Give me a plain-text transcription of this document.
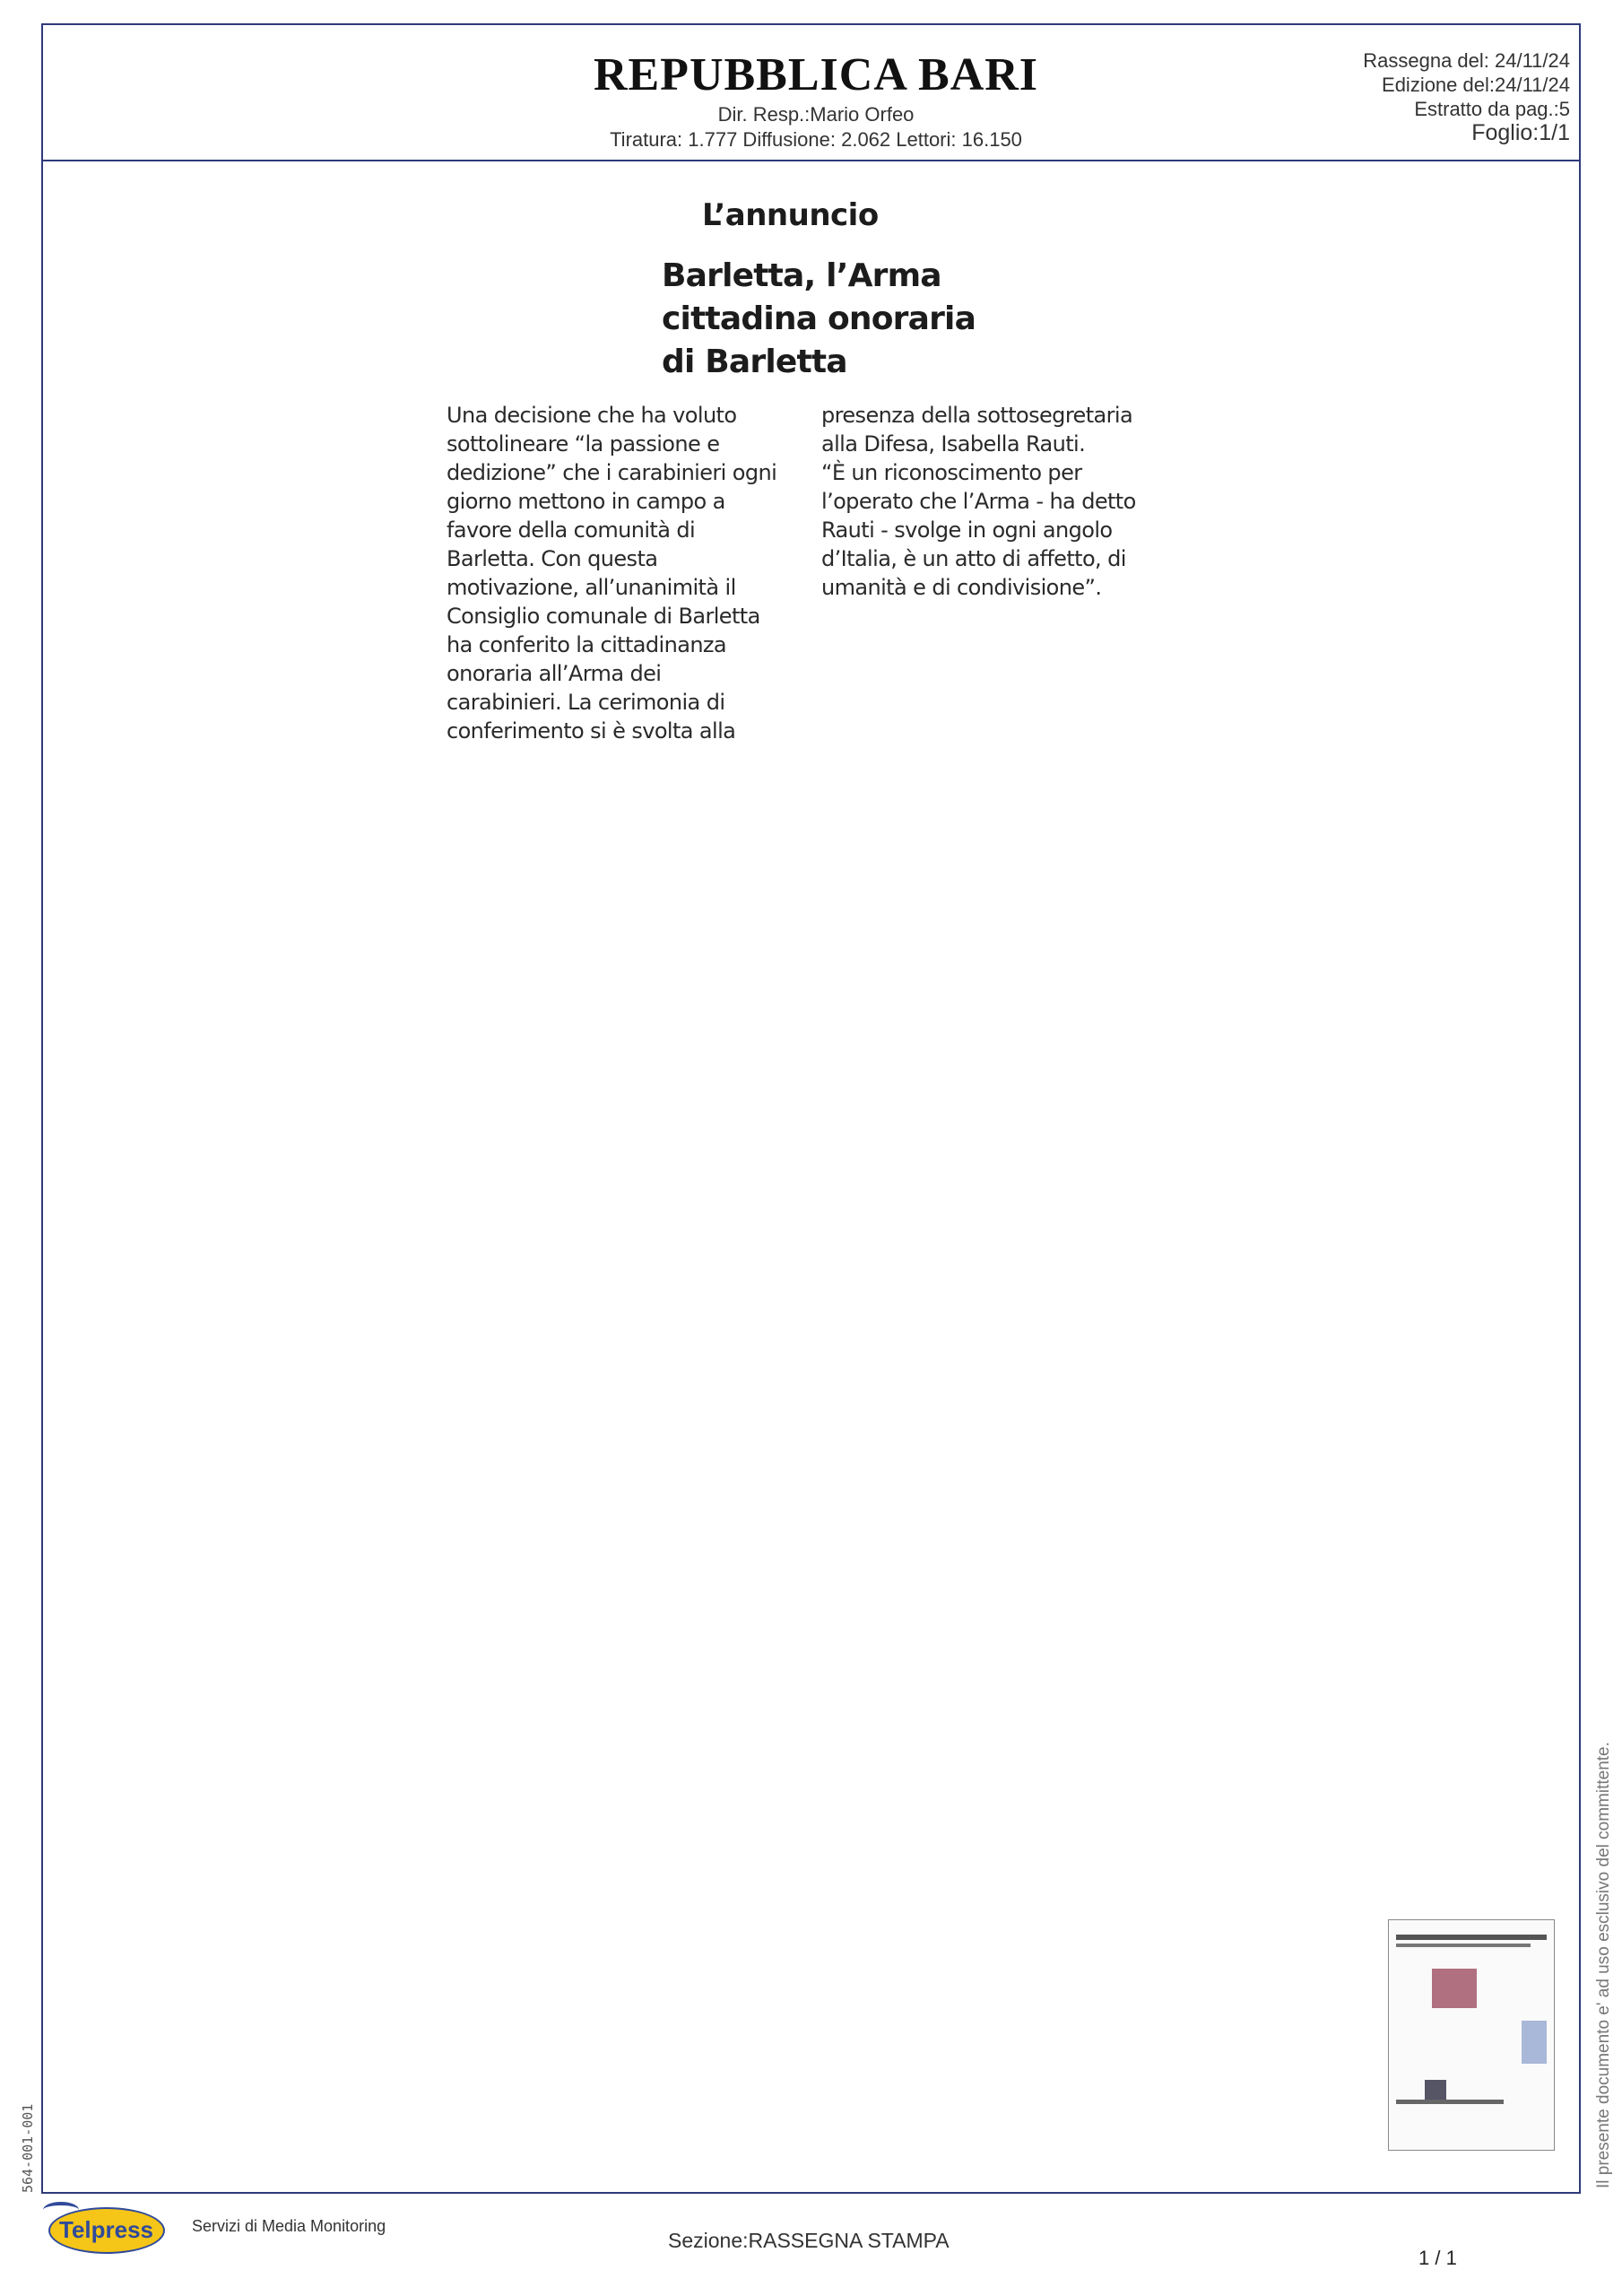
REPUBBLICA BARI
Dir. Resp.:Mario Orfeo
Tiratura: 1.777 Diffusione: 2.062 Lettori: 16.150
Rassegna del: 24/11/24
Edizione del:24/11/24
Estratto da pag.:5
Foglio:1/1
L’annuncio
Barletta, l’Arma
cittadina onoraria
di Barletta
Una decisione che ha voluto
sottolineare “la passione e
dedizione” che i carabinieri ogni
giorno mettono in campo a
favore della comunità di
Barletta. Con questa
motivazione, all’unanimità il
Consiglio comunale di Barletta
ha conferito la cittadinanza
onoraria all’Arma dei
carabinieri. La cerimonia di
conferimento si è svolta alla
presenza della sottosegretaria
alla Difesa, Isabella Rauti.
“È un riconoscimento per
l’operato che l’Arma - ha detto
Rauti - svolge in ogni angolo
d’Italia, è un atto di affetto, di
umanità e di condivisione”.
Il presente documento e' ad uso esclusivo del committente.
564-001-001
Telpress Servizi di Media Monitoring
Sezione:RASSEGNA STAMPA
1 / 1
